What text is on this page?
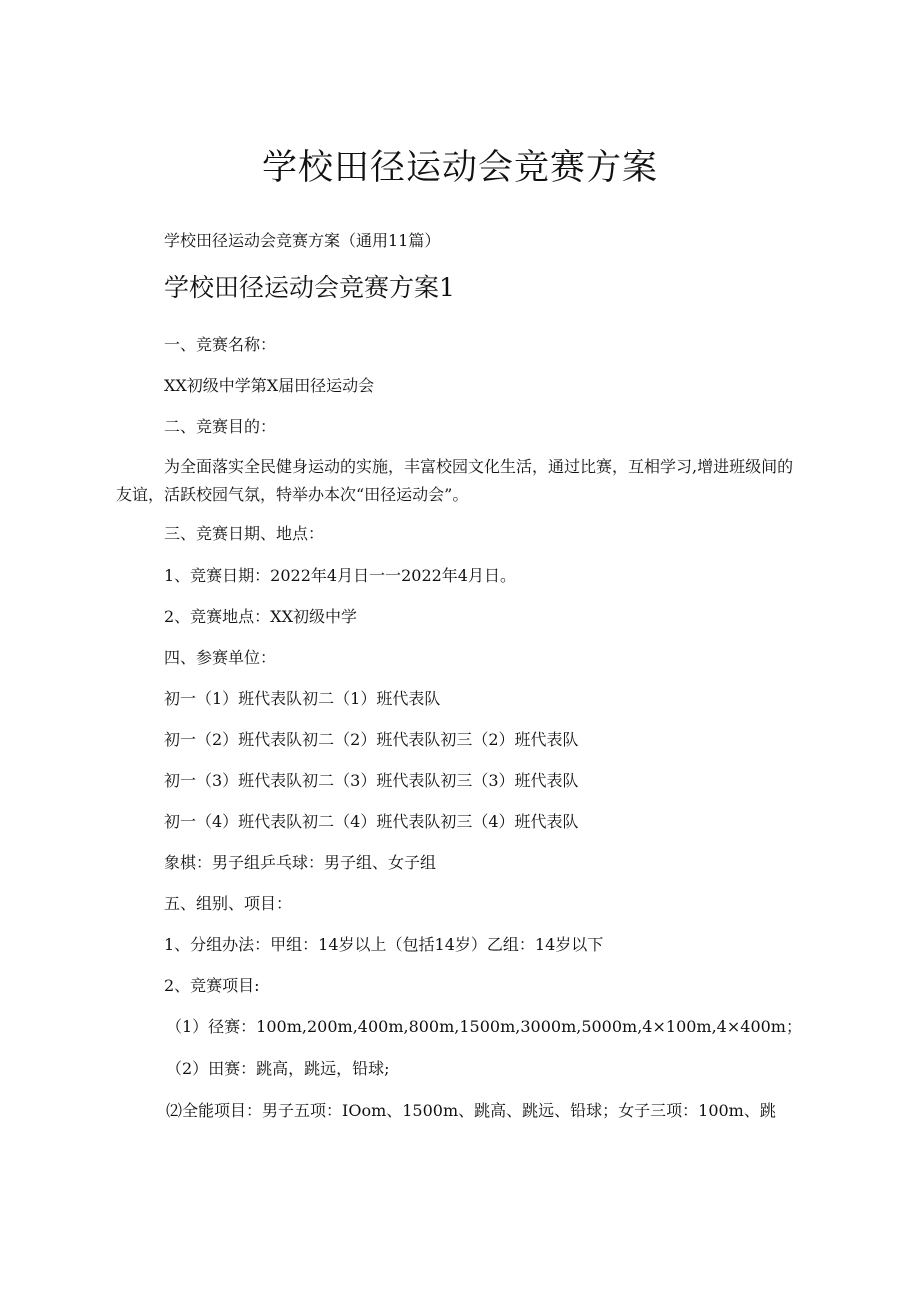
学校田径运动会竞赛方案

学校田径运动会竞赛方案（通用11篇）

学校田径运动会竞赛方案1

一、竞赛名称：

XX初级中学第X届田径运动会

二、竞赛目的：

为全面落实全民健身运动的实施，丰富校园文化生活，通过比赛，互相学习,增进班级间的友谊，活跃校园气氛，特举办本次“田径运动会”。

三、竞赛日期、地点：

1、竞赛日期：2022年4月日一一2022年4月日。

2、竞赛地点：XX初级中学

四、参赛单位：

初一（1）班代表队初二（1）班代表队

初一（2）班代表队初二（2）班代表队初三（2）班代表队

初一（3）班代表队初二（3）班代表队初三（3）班代表队

初一（4）班代表队初二（4）班代表队初三（4）班代表队

象棋：男子组乒乓球：男子组、女子组

五、组别、项目：

1、分组办法：甲组：14岁以上（包括14岁）乙组：14岁以下

2、竞赛项目:

（1）径赛：100m,200m,400m,800m,1500m,3000m,5000m,4×100m,4×400m；

（2）田赛：跳高，跳远，铅球;

⑵全能项目：男子五项：IOom、1500m、跳高、跳远、铅球；女子三项：100m、跳
